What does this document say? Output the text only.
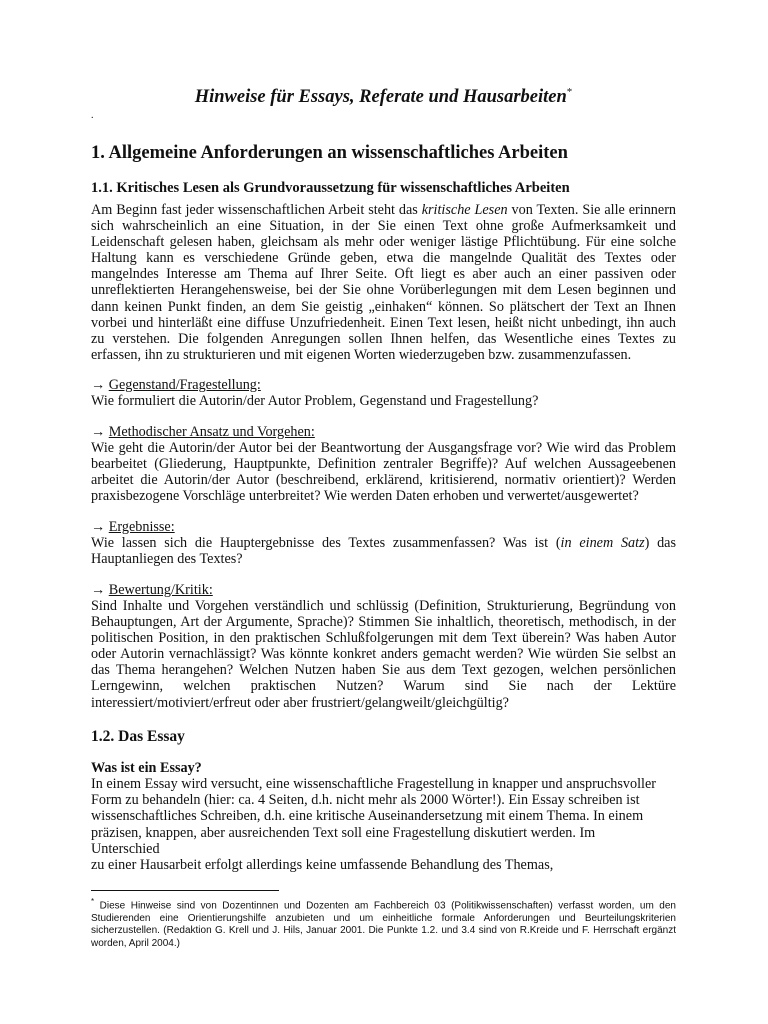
Hinweise für Essays, Referate und Hausarbeiten*
.
1. Allgemeine Anforderungen an wissenschaftliches Arbeiten
1.1. Kritisches Lesen als Grundvoraussetzung für wissenschaftliches Arbeiten

Am Beginn fast jeder wissenschaftlichen Arbeit steht das kritische Lesen von Texten. Sie alle erinnern sich wahrscheinlich an eine Situation, in der Sie einen Text ohne große Aufmerksamkeit und Leidenschaft gelesen haben, gleichsam als mehr oder weniger lästige Pflichtübung. Für eine solche Haltung kann es verschiedene Gründe geben, etwa die mangelnde Qualität des Textes oder mangelndes Interesse am Thema auf Ihrer Seite. Oft liegt es aber auch an einer passiven oder unreflektierten Herangehensweise, bei der Sie ohne Vorüberlegungen mit dem Lesen beginnen und dann keinen Punkt finden, an dem Sie geistig „einhaken“ können. So plätschert der Text an Ihnen vorbei und hinterläßt eine diffuse Unzufriedenheit. Einen Text lesen, heißt nicht unbedingt, ihn auch zu verstehen. Die folgenden Anregungen sollen Ihnen helfen, das Wesentliche eines Textes zu erfassen, ihn zu strukturieren und mit eigenen Worten wiederzugeben bzw. zusammenzufassen.

→ Gegenstand/Fragestellung:

Wie formuliert die Autorin/der Autor Problem, Gegenstand und Fragestellung?

→ Methodischer Ansatz und Vorgehen:

Wie geht die Autorin/der Autor bei der Beantwortung der Ausgangsfrage vor? Wie wird das Problem bearbeitet (Gliederung, Hauptpunkte, Definition zentraler Begriffe)? Auf welchen Aussageebenen arbeitet die Autorin/der Autor (beschreibend, erklärend, kritisierend, normativ orientiert)? Werden praxisbezogene Vorschläge unterbreitet? Wie werden Daten erhoben und verwertet/ausgewertet?

→ Ergebnisse:

Wie lassen sich die Hauptergebnisse des Textes zusammenfassen? Was ist (in einem Satz) das Hauptanliegen des Textes?

→ Bewertung/Kritik:

Sind Inhalte und Vorgehen verständlich und schlüssig (Definition, Strukturierung, Begründung von Behauptungen, Art der Argumente, Sprache)? Stimmen Sie inhaltlich, theoretisch, methodisch, in der politischen Position, in den praktischen Schlußfolgerungen mit dem Text überein? Was haben Autor oder Autorin vernachlässigt? Was könnte konkret anders gemacht werden? Wie würden Sie selbst an das Thema herangehen? Welchen Nutzen haben Sie aus dem Text gezogen, welchen persönlichen Lerngewinn, welchen praktischen Nutzen? Warum sind Sie nach der Lektüre interessiert/motiviert/erfreut oder aber frustriert/gelangweilt/gleichgültig?

1.2. Das Essay
Was ist ein Essay?

In einem Essay wird versucht, eine wissenschaftliche Fragestellung in knapper und anspruchsvoller
Form zu behandeln (hier: ca. 4 Seiten, d.h. nicht mehr als 2000 Wörter!). Ein Essay schreiben ist
wissenschaftliches Schreiben, d.h. eine kritische Auseinandersetzung mit einem Thema. In einem
präzisen, knappen, aber ausreichenden Text soll eine Fragestellung diskutiert werden. Im Unterschied
zu einer Hausarbeit erfolgt allerdings keine umfassende Behandlung des Themas,

* Diese Hinweise sind von Dozentinnen und Dozenten am Fachbereich 03 (Politikwissenschaften) verfasst worden, um den Studierenden eine Orientierungshilfe anzubieten und um einheitliche formale Anforderungen und Beurteilungskriterien sicherzustellen. (Redaktion G. Krell und J. Hils, Januar 2001. Die Punkte 1.2. und 3.4 sind von R.Kreide und F. Herrschaft ergänzt worden, April 2004.)
